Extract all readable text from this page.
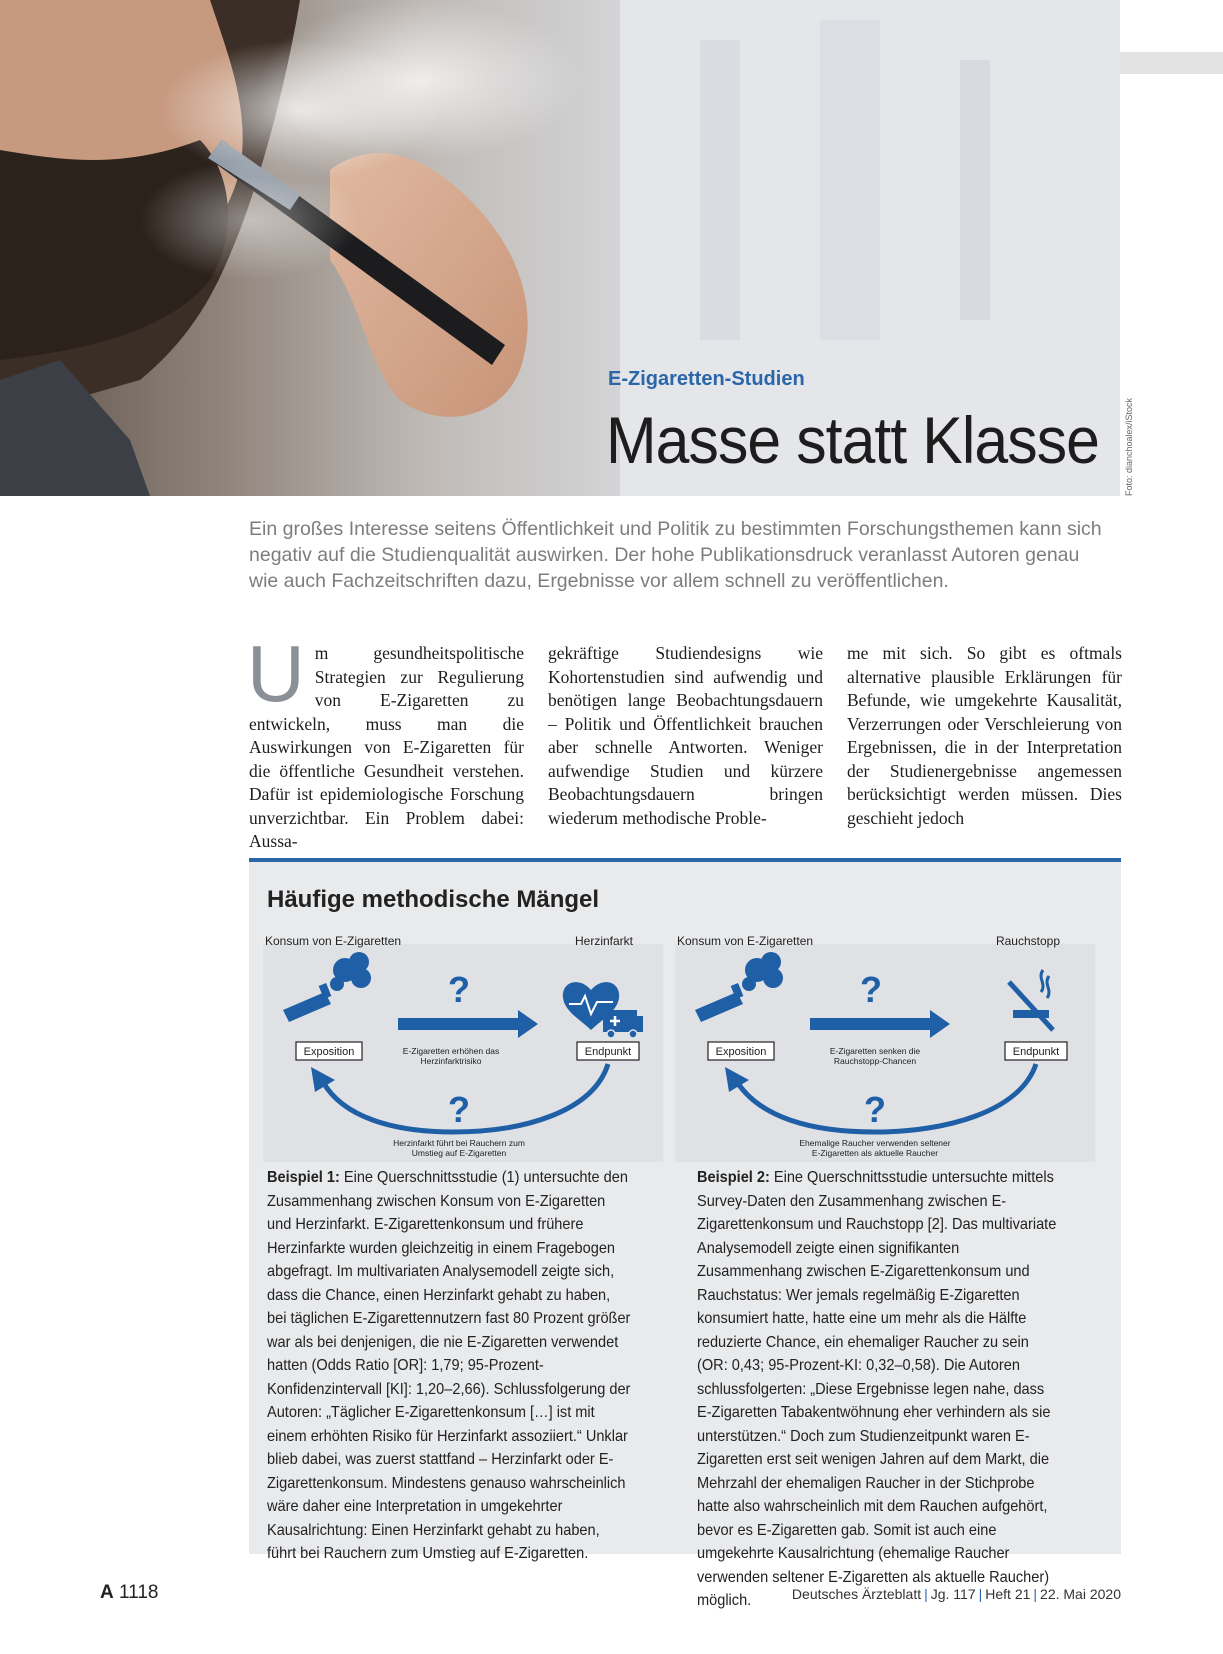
E-Zigaretten-Studien
Masse statt Klasse	Foto: dianchoalex/iStock
Ein großes Interesse seitens Öffentlichkeit und Politik zu bestimmten Forschungsthemen kann sich negativ auf die Studienqualität auswirken. Der hohe Publikationsdruck veranlasst Autoren genau wie auch Fachzeitschriften dazu, Ergebnisse vor allem schnell zu veröffentlichen.
Um gesundheitspolitische Strategien zur Regulierung von E-Zigaretten zu entwickeln, muss man die Auswirkungen von E-Zigaretten für die öffentliche Gesundheit verstehen. Dafür ist epidemiologische Forschung unverzichtbar. Ein Problem dabei: Aussa-
gekräftige Studiendesigns wie Kohortenstudien sind aufwendig und benötigen lange Beobachtungsdauern – Politik und Öffentlichkeit brauchen aber schnelle Antworten. Weniger aufwendige Studien und kürzere Beobachtungsdauern bringen wiederum methodische Proble-
me mit sich. So gibt es oftmals alternative plausible Erklärungen für Befunde, wie umgekehrte Kausalität, Verzerrungen oder Verschleierung von Ergebnissen, die in der Interpretation der Studienergebnisse angemessen berücksichtigt werden müssen. Dies geschieht jedoch
Häufige methodische Mängel
Konsum von E-Zigaretten	Herzinfarkt
?
E-Zigaretten erhöhen das
Herzinfarktrisiko
Exposition	Endpunkt
?
Herzinfarkt führt bei Rauchern zum
Umstieg auf E-Zigaretten
Konsum von E-Zigaretten	Rauchstopp
?
E-Zigaretten senken die
Rauchstopp-Chancen
Exposition	Endpunkt
?
Ehemalige Raucher verwenden seltener
E-Zigaretten als aktuelle Raucher
Beispiel 1: Eine Querschnittsstudie (1) untersuchte den Zusammenhang zwischen Konsum von E-Zigaretten und Herzinfarkt. E-Zigarettenkonsum und frühere Herzinfarkte wurden gleichzeitig in einem Fragebogen abgefragt. Im multivariaten Analysemodell zeigte sich, dass die Chance, einen Herzinfarkt gehabt zu haben, bei täglichen E-Zigarettennutzern fast 80 Prozent größer war als bei denjenigen, die nie E-Zigaretten verwendet hatten (Odds Ratio [OR]: 1,79; 95-Prozent-Konfidenzintervall [KI]: 1,20–2,66). Schlussfolgerung der Autoren: „Täglicher E-Zigarettenkonsum […] ist mit einem erhöhten Risiko für Herzinfarkt assoziiert.“ Unklar blieb dabei, was zuerst stattfand – Herzinfarkt oder E-Zigarettenkonsum. Mindestens genauso wahrscheinlich wäre daher eine Interpretation in umgekehrter Kausalrichtung: Einen Herzinfarkt gehabt zu haben, führt bei Rauchern zum Umstieg auf E-Zigaretten.
Beispiel 2: Eine Querschnittsstudie untersuchte mittels Survey-Daten den Zusammenhang zwischen E-Zigarettenkonsum und Rauchstopp [2]. Das multivariate Analysemodell zeigte einen signifikanten Zusammenhang zwischen E-Zigarettenkonsum und Rauchstatus: Wer jemals regelmäßig E-Zigaretten konsumiert hatte, hatte eine um mehr als die Hälfte reduzierte Chance, ein ehemaliger Raucher zu sein (OR: 0,43; 95-Prozent-KI: 0,32–0,58). Die Autoren schlussfolgerten: „Diese Ergebnisse legen nahe, dass E-Zigaretten Tabakentwöhnung eher verhindern als sie unterstützen.“ Doch zum Studienzeitpunkt waren E-Zigaretten erst seit wenigen Jahren auf dem Markt, die Mehrzahl der ehemaligen Raucher in der Stichprobe hatte also wahrscheinlich mit dem Rauchen aufgehört, bevor es E-Zigaretten gab. Somit ist auch eine umgekehrte Kausalrichtung (ehemalige Raucher verwenden seltener E-Zigaretten als aktuelle Raucher) möglich.
A 1118	Deutsches Ärzteblatt | Jg. 117 | Heft 21 | 22. Mai 2020
